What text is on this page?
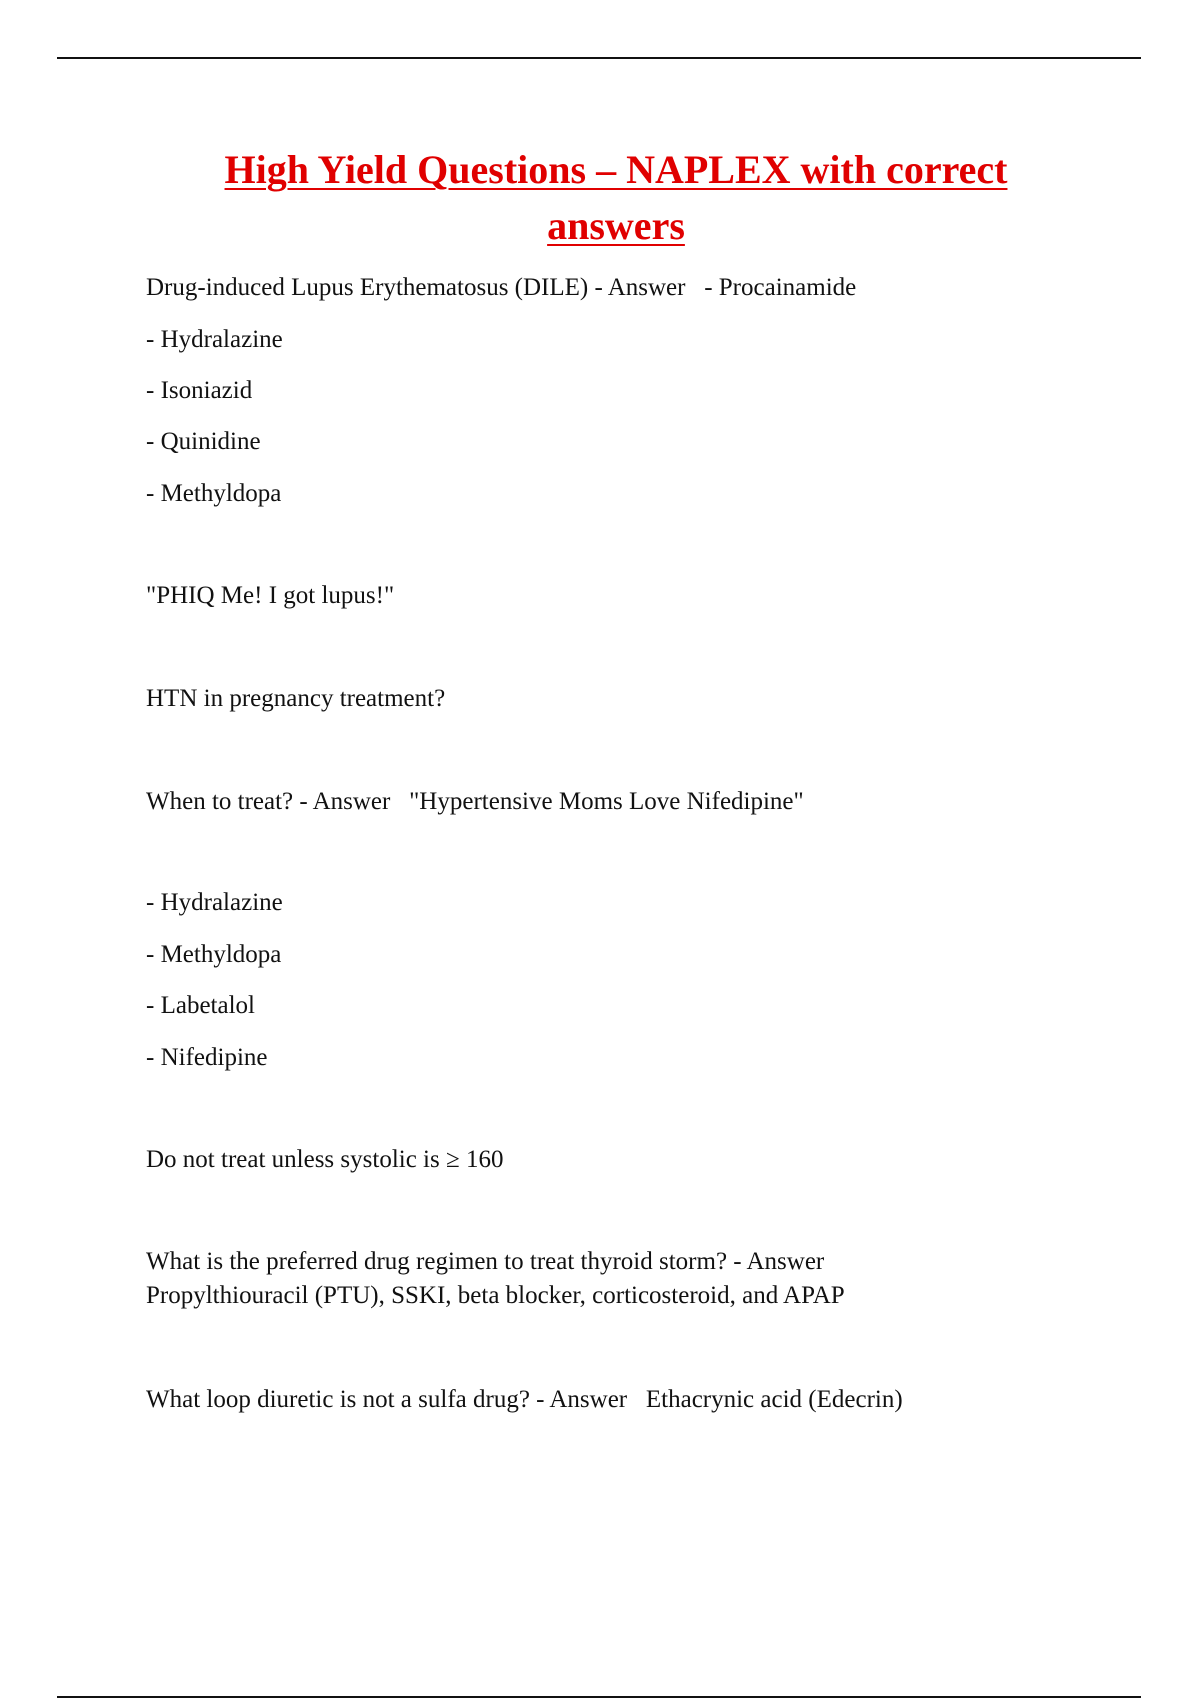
High Yield Questions – NAPLEX with correct
answers
Drug-induced Lupus Erythematosus (DILE) - Answer   - Procainamide
- Hydralazine
- Isoniazid
- Quinidine
- Methyldopa
"PHIQ Me! I got lupus!"
HTN in pregnancy treatment?
When to treat? - Answer   "Hypertensive Moms Love Nifedipine"
- Hydralazine
- Methyldopa
- Labetalol
- Nifedipine
Do not treat unless systolic is ≥ 160
What is the preferred drug regimen to treat thyroid storm? - Answer
Propylthiouracil (PTU), SSKI, beta blocker, corticosteroid, and APAP
What loop diuretic is not a sulfa drug? - Answer   Ethacrynic acid (Edecrin)
